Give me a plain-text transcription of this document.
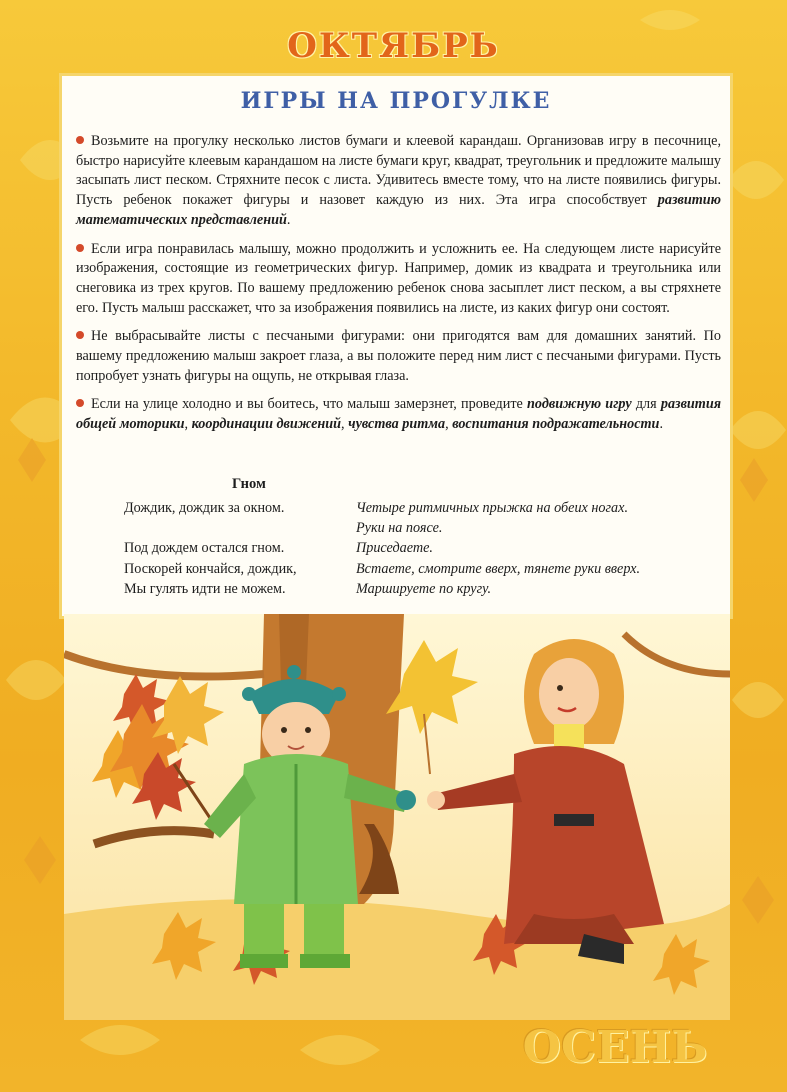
ОКТЯБРЬ
ИГРЫ НА ПРОГУЛКЕ

Возьмите на прогулку несколько листов бумаги и клеевой карандаш. Организовав игру в песочнице, быстро нарисуйте клеевым карандашом на листе бумаги круг, квадрат, треугольник и предложите малышу засыпать лист песком. Стряхните песок с листа. Удивитесь вместе тому, что на листе появились фигуры. Пусть ребенок покажет фигуры и назовет каждую из них. Эта игра способствует развитию математических представлений.

Если игра понравилась малышу, можно продолжить и усложнить ее. На следующем листе нарисуйте изображения, состоящие из геометрических фигур. Например, домик из квадрата и треугольника или снеговика из трех кругов. По вашему предложению ребенок снова засыплет лист песком, а вы стряхнете его. Пусть малыш расскажет, что за изображения появились на листе, из каких фигур они состоят.

Не выбрасывайте листы с песчаными фигурами: они пригодятся вам для домашних занятий. По вашему предложению малыш закроет глаза, а вы положите перед ним лист с песчаными фигурами. Пусть попробует узнать фигуры на ощупь, не открывая глаза.

Если на улице холодно и вы боитесь, что малыш замерзнет, проведите подвижную игру для развития общей моторики, координации движений, чувства ритма, воспитания подражательности.

Гном
Дождик, дождик за окном.	Четыре ритмичных прыжка на обеих ногах.
Руки на поясе.
Под дождем остался гном.	Приседаете.
Поскорей кончайся, дождик,	Встаете, смотрите вверх, тянете руки вверх.
Мы гулять идти не можем.	Маршируете по кругу.
ОСЕНЬ
